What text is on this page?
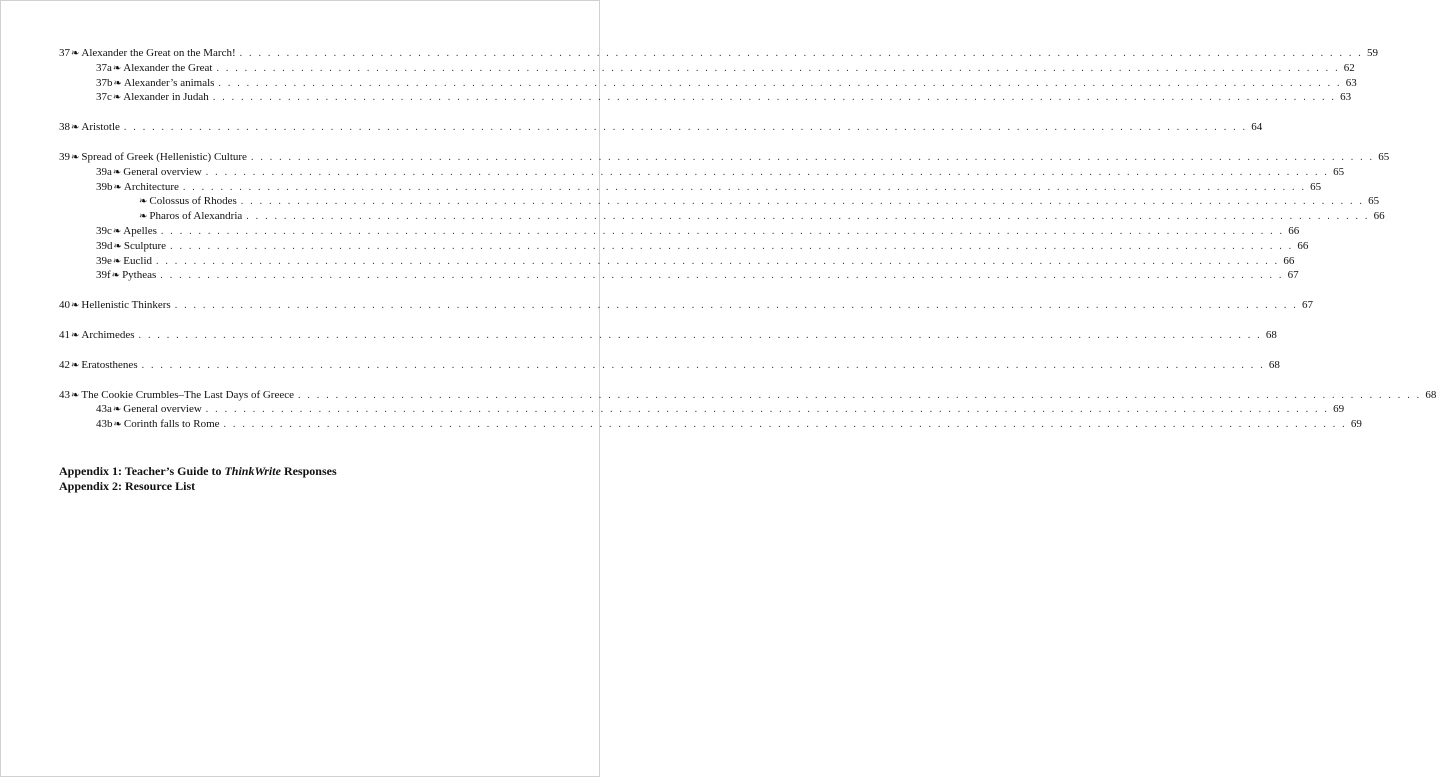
37❧ Alexander the Great on the March! . . . . . . . . . . . . . . . . . . . . . . . . . . . . . . . . . . . . . . . . . . . . . . . . . . . . . . . . . . . . . . . . . . . . . . . . . . . . . . . . . . . . . . . . . . . . . . . . . . . . . . . . . . . . . . . . . . . . . . . . 59
37a❧ Alexander the Great . . . . . . . . . . . . . . . . . . . . . . . . . . . . . . . . . . . . . . . . . . . . . . . . . . . . . . . . . . . . . . . . . . . . . . . . . . . . . . . . . . . . . . . . . . . . . . . . . . . . . . . . . . . . . . . . . . . . . . . . 62
37b❧ Alexander’s animals . . . . . . . . . . . . . . . . . . . . . . . . . . . . . . . . . . . . . . . . . . . . . . . . . . . . . . . . . . . . . . . . . . . . . . . . . . . . . . . . . . . . . . . . . . . . . . . . . . . . . . . . . . . . . . . . . . . . . . . . 63
37c❧ Alexander in Judah . . . . . . . . . . . . . . . . . . . . . . . . . . . . . . . . . . . . . . . . . . . . . . . . . . . . . . . . . . . . . . . . . . . . . . . . . . . . . . . . . . . . . . . . . . . . . . . . . . . . . . . . . . . . . . . . . . . . . . . . 63
38❧ Aristotle . . . . . . . . . . . . . . . . . . . . . . . . . . . . . . . . . . . . . . . . . . . . . . . . . . . . . . . . . . . . . . . . . . . . . . . . . . . . . . . . . . . . . . . . . . . . . . . . . . . . . . . . . . . . . . . . . . . . . . . . 64
39❧ Spread of Greek (Hellenistic) Culture . . . . . . . . . . . . . . . . . . . . . . . . . . . . . . . . . . . . . . . . . . . . . . . . . . . . . . . . . . . . . . . . . . . . . . . . . . . . . . . . . . . . . . . . . . . . . . . . . . . . . . . . . . . . . . . . . . . . . . . . 65
39a❧ General overview . . . . . . . . . . . . . . . . . . . . . . . . . . . . . . . . . . . . . . . . . . . . . . . . . . . . . . . . . . . . . . . . . . . . . . . . . . . . . . . . . . . . . . . . . . . . . . . . . . . . . . . . . . . . . . . . . . . . . . . . 65
39b❧ Architecture . . . . . . . . . . . . . . . . . . . . . . . . . . . . . . . . . . . . . . . . . . . . . . . . . . . . . . . . . . . . . . . . . . . . . . . . . . . . . . . . . . . . . . . . . . . . . . . . . . . . . . . . . . . . . . . . . . . . . . . . 65
❧ Colossus of Rhodes . . . . . . . . . . . . . . . . . . . . . . . . . . . . . . . . . . . . . . . . . . . . . . . . . . . . . . . . . . . . . . . . . . . . . . . . . . . . . . . . . . . . . . . . . . . . . . . . . . . . . . . . . . . . . . . . . . . . . . . . 65
❧ Pharos of Alexandria . . . . . . . . . . . . . . . . . . . . . . . . . . . . . . . . . . . . . . . . . . . . . . . . . . . . . . . . . . . . . . . . . . . . . . . . . . . . . . . . . . . . . . . . . . . . . . . . . . . . . . . . . . . . . . . . . . . . . . . . 66
39c❧ Apelles . . . . . . . . . . . . . . . . . . . . . . . . . . . . . . . . . . . . . . . . . . . . . . . . . . . . . . . . . . . . . . . . . . . . . . . . . . . . . . . . . . . . . . . . . . . . . . . . . . . . . . . . . . . . . . . . . . . . . . . . 66
39d❧ Sculpture . . . . . . . . . . . . . . . . . . . . . . . . . . . . . . . . . . . . . . . . . . . . . . . . . . . . . . . . . . . . . . . . . . . . . . . . . . . . . . . . . . . . . . . . . . . . . . . . . . . . . . . . . . . . . . . . . . . . . . . . 66
39e❧ Euclid . . . . . . . . . . . . . . . . . . . . . . . . . . . . . . . . . . . . . . . . . . . . . . . . . . . . . . . . . . . . . . . . . . . . . . . . . . . . . . . . . . . . . . . . . . . . . . . . . . . . . . . . . . . . . . . . . . . . . . . . 66
39f❧ Pytheas . . . . . . . . . . . . . . . . . . . . . . . . . . . . . . . . . . . . . . . . . . . . . . . . . . . . . . . . . . . . . . . . . . . . . . . . . . . . . . . . . . . . . . . . . . . . . . . . . . . . . . . . . . . . . . . . . . . . . . . . 67
40❧ Hellenistic Thinkers . . . . . . . . . . . . . . . . . . . . . . . . . . . . . . . . . . . . . . . . . . . . . . . . . . . . . . . . . . . . . . . . . . . . . . . . . . . . . . . . . . . . . . . . . . . . . . . . . . . . . . . . . . . . . . . . . . . . . . . . 67
41❧ Archimedes . . . . . . . . . . . . . . . . . . . . . . . . . . . . . . . . . . . . . . . . . . . . . . . . . . . . . . . . . . . . . . . . . . . . . . . . . . . . . . . . . . . . . . . . . . . . . . . . . . . . . . . . . . . . . . . . . . . . . . . . 68
42❧ Eratosthenes . . . . . . . . . . . . . . . . . . . . . . . . . . . . . . . . . . . . . . . . . . . . . . . . . . . . . . . . . . . . . . . . . . . . . . . . . . . . . . . . . . . . . . . . . . . . . . . . . . . . . . . . . . . . . . . . . . . . . . . . 68
43❧ The Cookie Crumbles–The Last Days of Greece . . . . . . . . . . . . . . . . . . . . . . . . . . . . . . . . . . . . . . . . . . . . . . . . . . . . . . . . . . . . . . . . . . . . . . . . . . . . . . . . . . . . . . . . . . . . . . . . . . . . . . . . . . . . . . . . . . . . . . . . 68
43a❧ General overview . . . . . . . . . . . . . . . . . . . . . . . . . . . . . . . . . . . . . . . . . . . . . . . . . . . . . . . . . . . . . . . . . . . . . . . . . . . . . . . . . . . . . . . . . . . . . . . . . . . . . . . . . . . . . . . . . . . . . . . . 69
43b❧ Corinth falls to Rome . . . . . . . . . . . . . . . . . . . . . . . . . . . . . . . . . . . . . . . . . . . . . . . . . . . . . . . . . . . . . . . . . . . . . . . . . . . . . . . . . . . . . . . . . . . . . . . . . . . . . . . . . . . . . . . . . . . . . . . . 69
Appendix 1: Teacher’s Guide to ThinkWrite Responses
Appendix 2: Resource List
